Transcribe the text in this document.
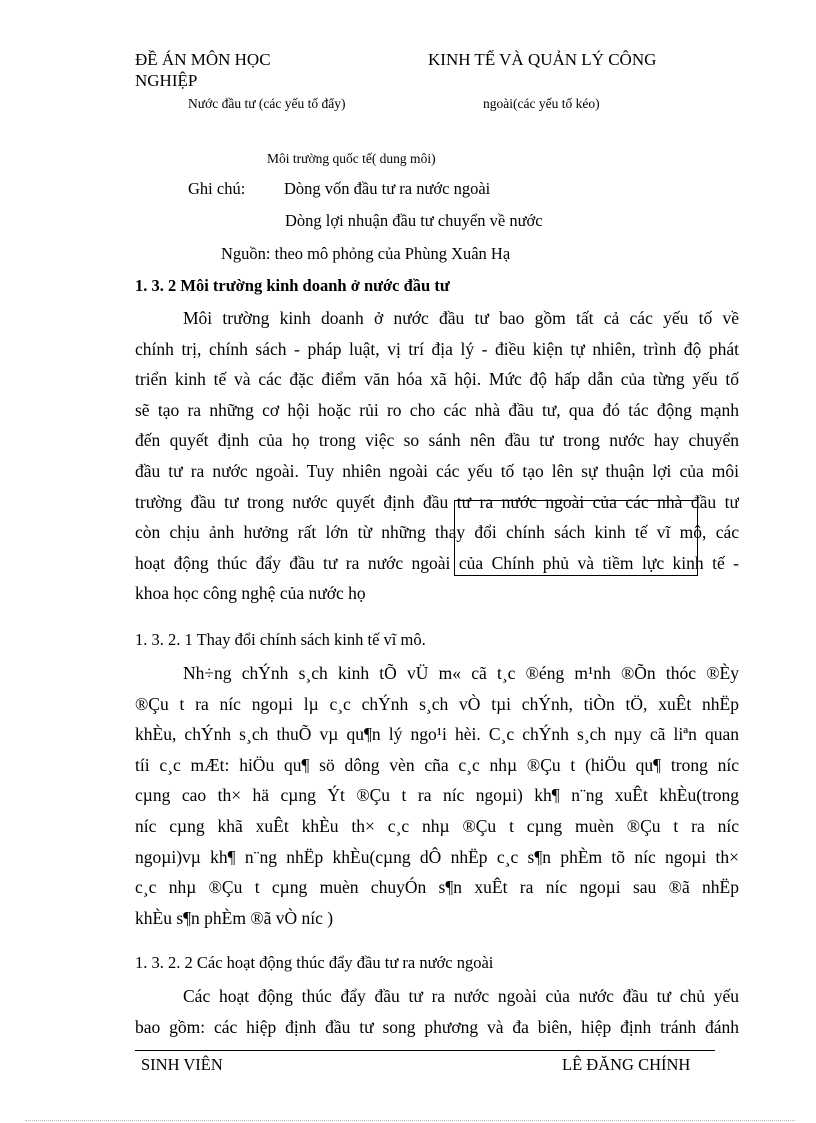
ĐỀ ÁN MÔN HỌC
NGHIỆP
KINH TẾ VÀ QUẢN LÝ CÔNG
Nước đầu tư (các yếu tố đẩy)	ngoài(các yếu tố kéo)
Môi trường quốc tế( dung môi)
Ghi chú: Dòng vốn đầu tư ra nước ngoài
Dòng lợi nhuận đầu tư chuyển về nước
Nguồn: theo mô phỏng của Phùng Xuân Hạ
1. 3. 2 Môi trường kinh doanh ở nước đầu tư
Môi trường kinh doanh ở nước đầu tư bao gồm tất cả các yếu tố về
chính trị, chính sách - pháp luật, vị trí địa lý - điều kiện tự nhiên, trình độ phát
triển kinh tế và các đặc điểm văn hóa xã hội. Mức độ hấp dẫn của từng yếu tố
sẽ tạo ra những cơ hội hoặc rủi ro cho các nhà đầu tư, qua đó tác động mạnh
đến quyết định của họ trong việc so sánh nên đầu tư trong nước hay chuyển
đầu tư ra nước ngoài. Tuy nhiên ngoài các yếu tố tạo lên sự thuận lợi của môi
trường đầu tư trong nước quyết định đầu tư ra nước ngoài của các nhà đầu tư
còn chịu ảnh hưởng rất lớn từ những thay đổi chính sách kinh tế vĩ mô, các
hoạt động thúc đẩy đầu tư ra nước ngoài của Chính phủ và tiềm lực kinh tế -
khoa học công nghệ của nước họ
1. 3. 2. 1 Thay đổi chính sách kinh tế vĩ mô.
Nh÷ng chÝnh s¸ch kinh tÕ vÜ m« cã t¸c ®éng m¹nh ®Õn thóc ®Èy
®Çu t ra níc ngoµi lµ c¸c chÝnh s¸ch vÒ tµi chÝnh, tiÒn tÖ, xuÊt nhËp
khÈu, chÝnh s¸ch thuÕ vµ qu¶n lý ngo¹i hèi. C¸c chÝnh s¸ch nµy cã liªn quan
tíi c¸c mÆt: hiÖu qu¶ sö dông vèn cña c¸c nhµ ®Çu t (hiÖu qu¶ trong níc
cµng cao th× hä cµng Ýt ®Çu t ra níc ngoµi) kh¶ n¨ng xuÊt khÈu(trong
níc cµng khã xuÊt khÈu th× c¸c nhµ ®Çu t cµng muèn ®Çu t ra níc
ngoµi)vµ kh¶ n¨ng nhËp khÈu(cµng dÔ nhËp c¸c s¶n phÈm tõ níc ngoµi th×
c¸c nhµ ®Çu t cµng muèn chuyÓn s¶n xuÊt ra níc ngoµi sau ®ã nhËp
khÈu s¶n phÈm ®ã vÒ níc )
1. 3. 2. 2 Các hoạt động thúc đẩy đầu tư ra nước ngoài
Các hoạt động thúc đẩy đầu tư ra nước ngoài của nước đầu tư chủ yếu
bao gồm: các hiệp định đầu tư song phương và đa biên, hiệp định tránh đánh
SINH VIÊN	LÊ ĐĂNG CHÍNH
